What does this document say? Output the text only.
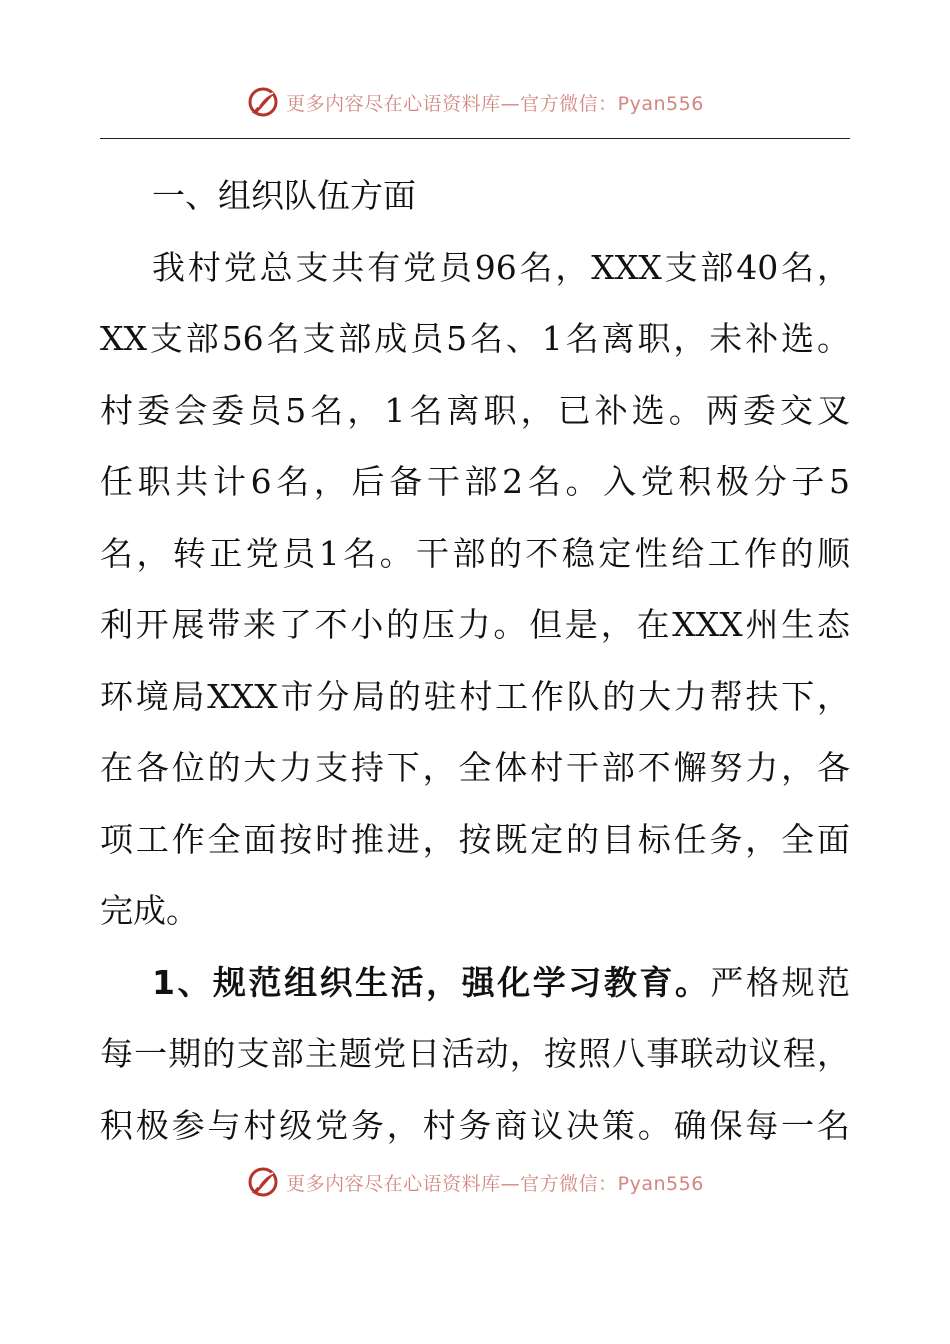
更多内容尽在心语资料库—官方微信：Pyan556
一、组织队伍方面
我村党总支共有党员96名，XXX支部40名，
XX支部56名支部成员5名、1名离职，未补选。
村委会委员5名，1名离职，已补选。两委交叉
任职共计6名，后备干部2名。入党积极分子5
名，转正党员1名。干部的不稳定性给工作的顺
利开展带来了不小的压力。但是，在XXX州生态
环境局XXX市分局的驻村工作队的大力帮扶下，
在各位的大力支持下，全体村干部不懈努力，各
项工作全面按时推进，按既定的目标任务，全面
完成。
1、规范组织生活，强化学习教育。严格规范
每一期的支部主题党日活动，按照八事联动议程，
积极参与村级党务，村务商议决策。确保每一名
更多内容尽在心语资料库—官方微信：Pyan556
